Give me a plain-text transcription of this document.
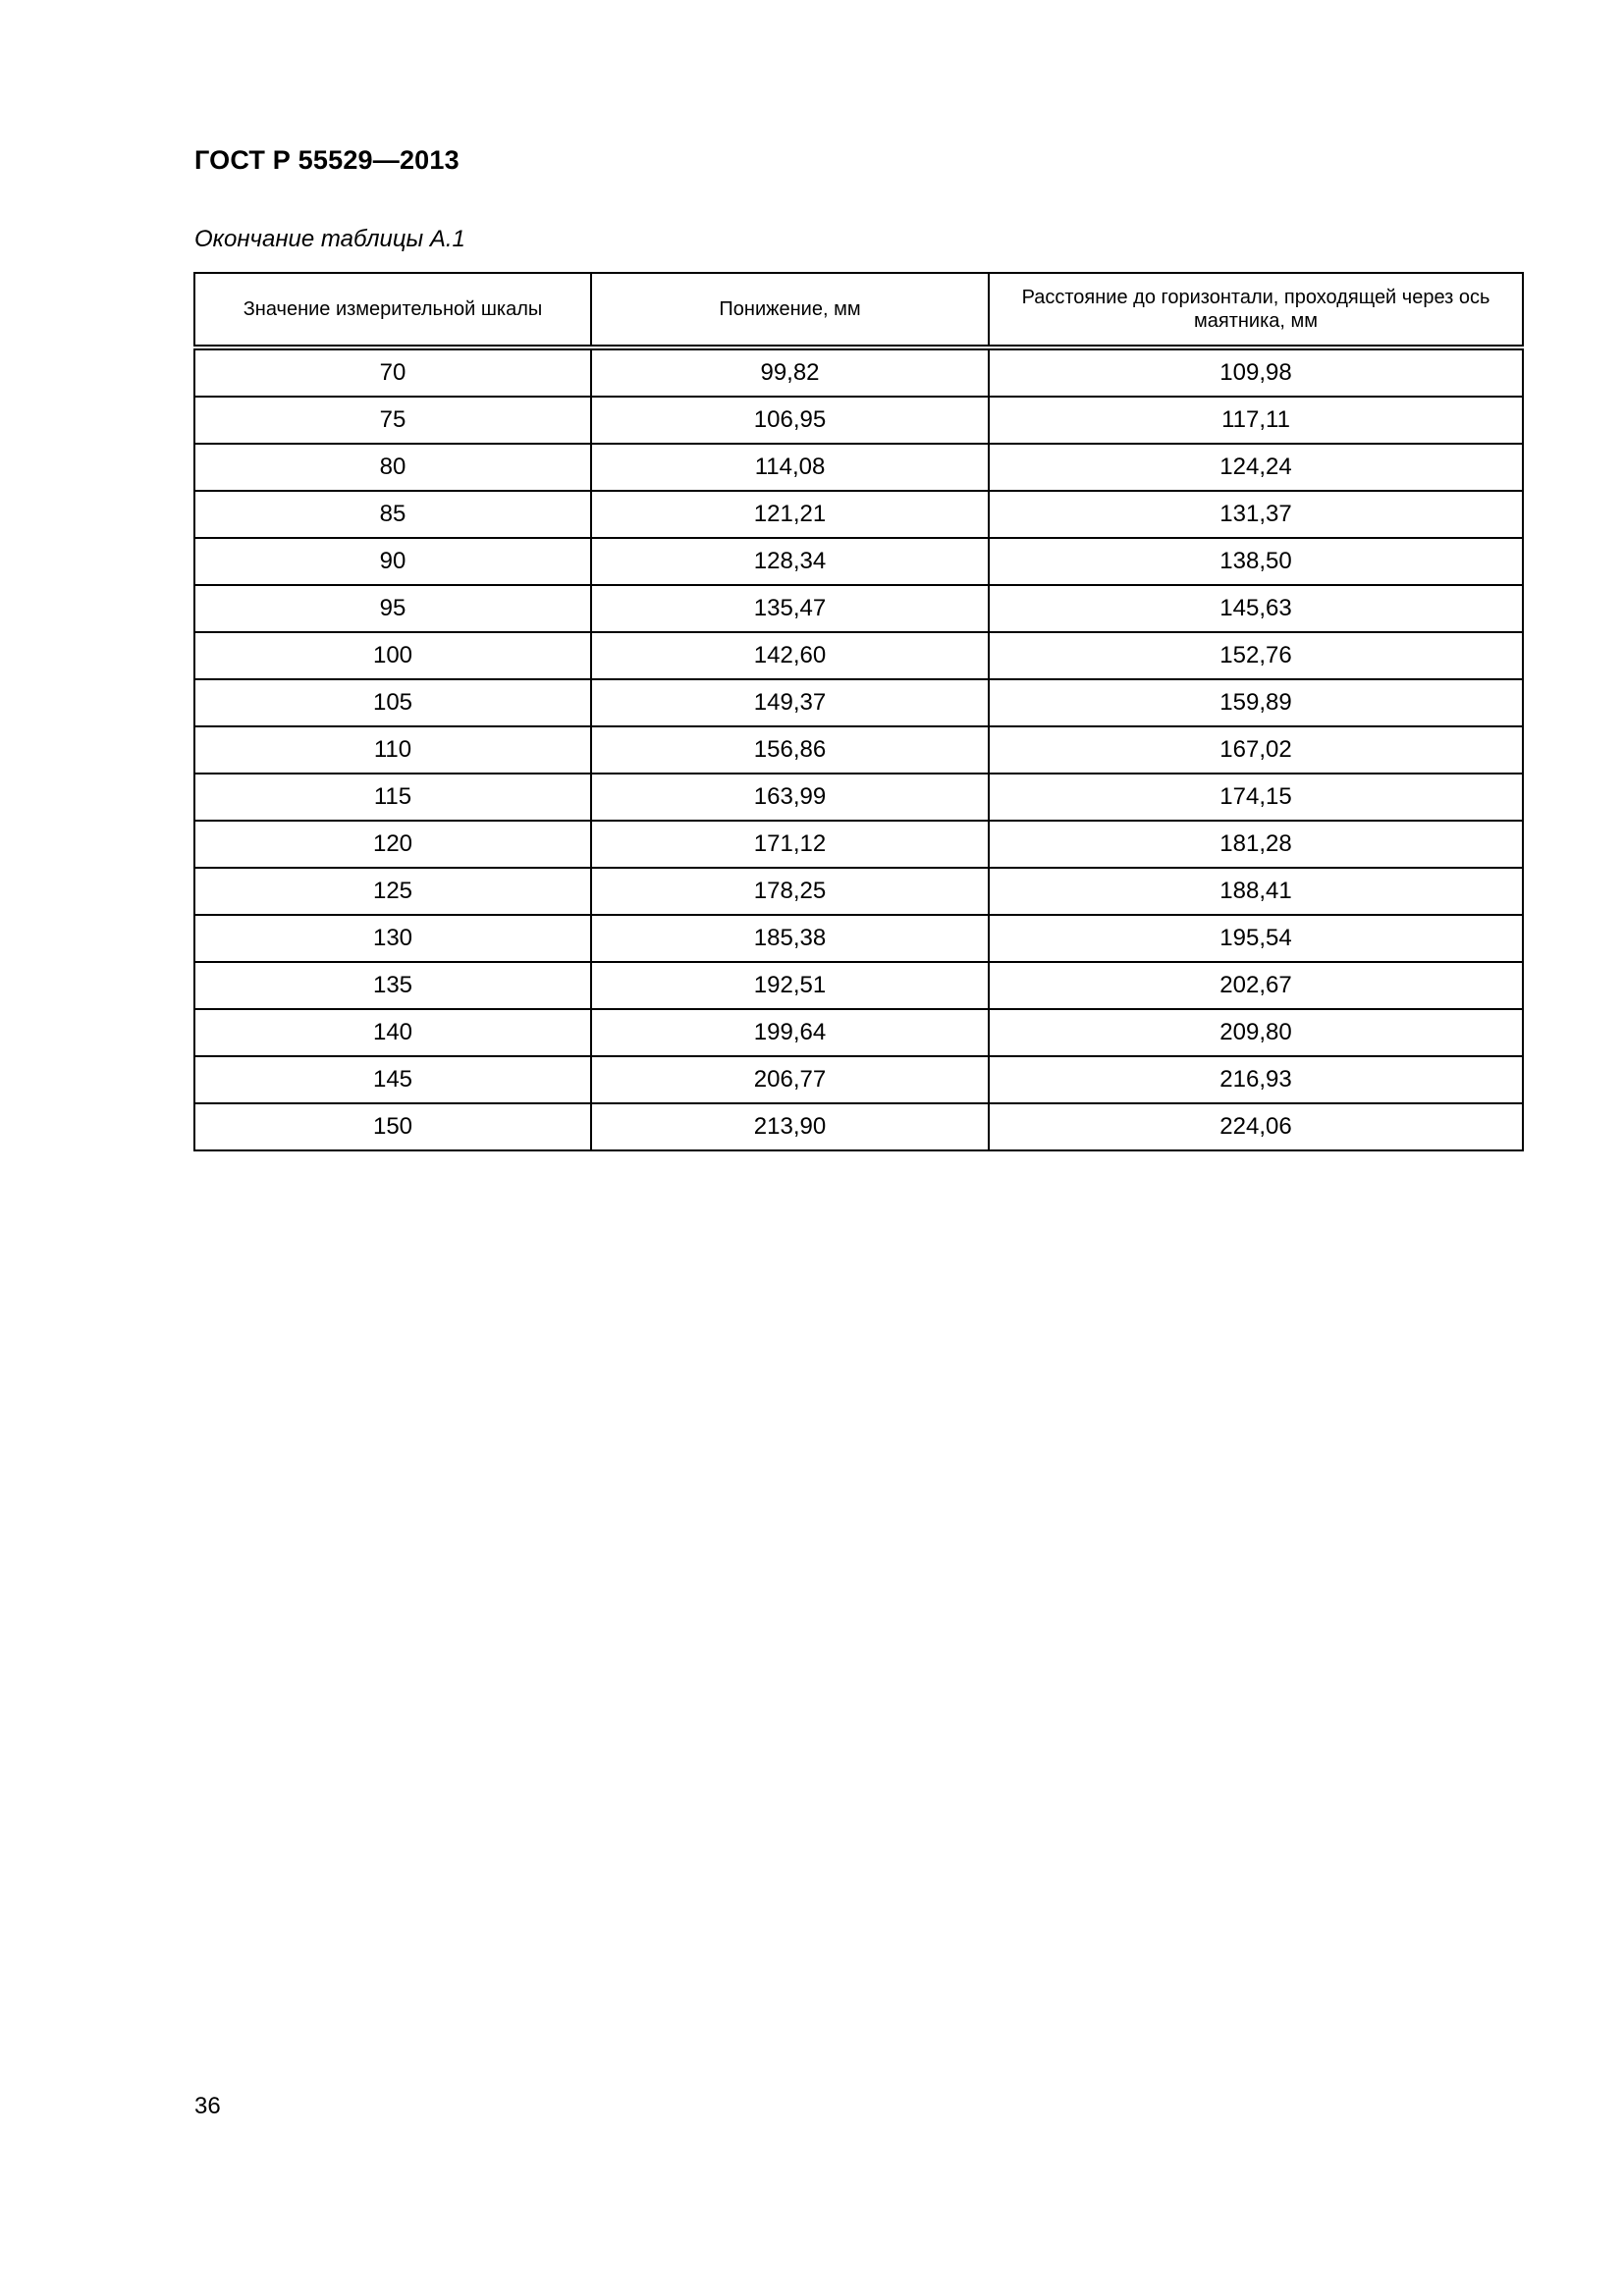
ГОСТ Р 55529—2013
Окончание таблицы А.1
Значение измерительной шкалы	Понижение, мм	Расстояние до горизонтали, проходящей через ось маятника, мм
70	99,82	109,98
75	106,95	117,11
80	114,08	124,24
85	121,21	131,37
90	128,34	138,50
95	135,47	145,63
100	142,60	152,76
105	149,37	159,89
110	156,86	167,02
115	163,99	174,15
120	171,12	181,28
125	178,25	188,41
130	185,38	195,54
135	192,51	202,67
140	199,64	209,80
145	206,77	216,93
150	213,90	224,06
36
